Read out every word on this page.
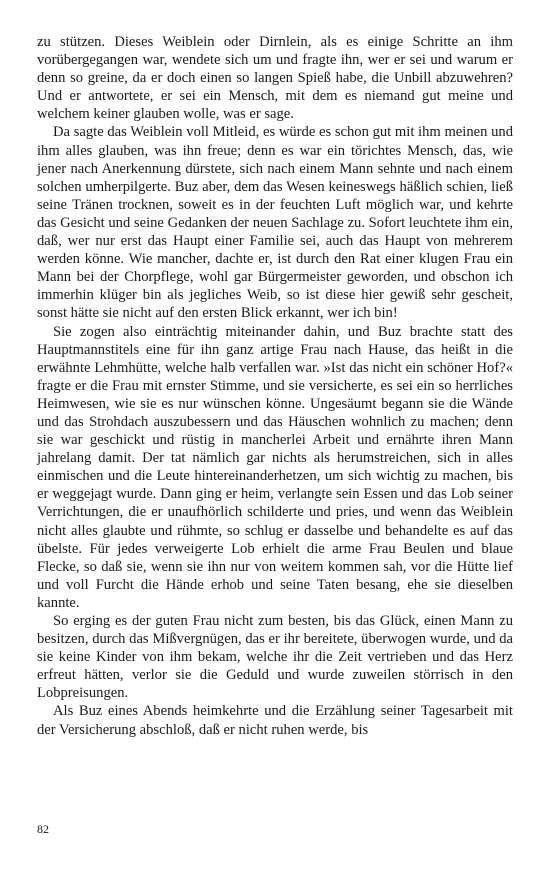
zu stützen. Dieses Weiblein oder Dirnlein, als es einige Schritte an ihm vorübergegangen war, wendete sich um und fragte ihn, wer er sei und warum er denn so greine, da er doch einen so langen Spieß habe, die Unbill abzuwehren? Und er antwortete, er sei ein Mensch, mit dem es niemand gut meine und welchem keiner glauben wolle, was er sage.

Da sagte das Weiblein voll Mitleid, es würde es schon gut mit ihm meinen und ihm alles glauben, was ihn freue; denn es war ein törichtes Mensch, das, wie jener nach Anerkennung dürstete, sich nach einem Mann sehnte und nach einem solchen umherpilgerte. Buz aber, dem das Wesen keineswegs häßlich schien, ließ seine Tränen trocknen, soweit es in der feuchten Luft möglich war, und kehrte das Gesicht und seine Gedanken der neuen Sachlage zu. Sofort leuchtete ihm ein, daß, wer nur erst das Haupt einer Familie sei, auch das Haupt von mehrerem werden könne. Wie mancher, dachte er, ist durch den Rat einer klugen Frau ein Mann bei der Chorpflege, wohl gar Bürgermeister geworden, und obschon ich immerhin klüger bin als jegliches Weib, so ist diese hier gewiß sehr gescheit, sonst hätte sie nicht auf den ersten Blick erkannt, wer ich bin!

Sie zogen also einträchtig miteinander dahin, und Buz brachte statt des Hauptmannstitels eine für ihn ganz artige Frau nach Hause, das heißt in die erwähnte Lehmhütte, welche halb verfallen war. »Ist das nicht ein schöner Hof?« fragte er die Frau mit ernster Stimme, und sie versicherte, es sei ein so herrliches Heimwesen, wie sie es nur wünschen könne. Ungesäumt begann sie die Wände und das Strohdach auszubessern und das Häuschen wohnlich zu machen; denn sie war geschickt und rüstig in mancherlei Arbeit und ernährte ihren Mann jahrelang damit. Der tat nämlich gar nichts als herumstreichen, sich in alles einmischen und die Leute hintereinanderhetzen, um sich wichtig zu machen, bis er weggejagt wurde. Dann ging er heim, verlangte sein Essen und das Lob seiner Verrichtungen, die er unaufhörlich schilderte und pries, und wenn das Weiblein nicht alles glaubte und rühmte, so schlug er dasselbe und behandelte es auf das übelste. Für jedes verweigerte Lob erhielt die arme Frau Beulen und blaue Flecke, so daß sie, wenn sie ihn nur von weitem kommen sah, vor die Hütte lief und voll Furcht die Hände erhob und seine Taten besang, ehe sie dieselben kannte.

So erging es der guten Frau nicht zum besten, bis das Glück, einen Mann zu besitzen, durch das Mißvergnügen, das er ihr bereitete, überwogen wurde, und da sie keine Kinder von ihm bekam, welche ihr die Zeit vertrieben und das Herz erfreut hätten, verlor sie die Geduld und wurde zuweilen störrisch in den Lobpreisungen.

Als Buz eines Abends heimkehrte und die Erzählung seiner Tagesarbeit mit der Versicherung abschloß, daß er nicht ruhen werde, bis

82
